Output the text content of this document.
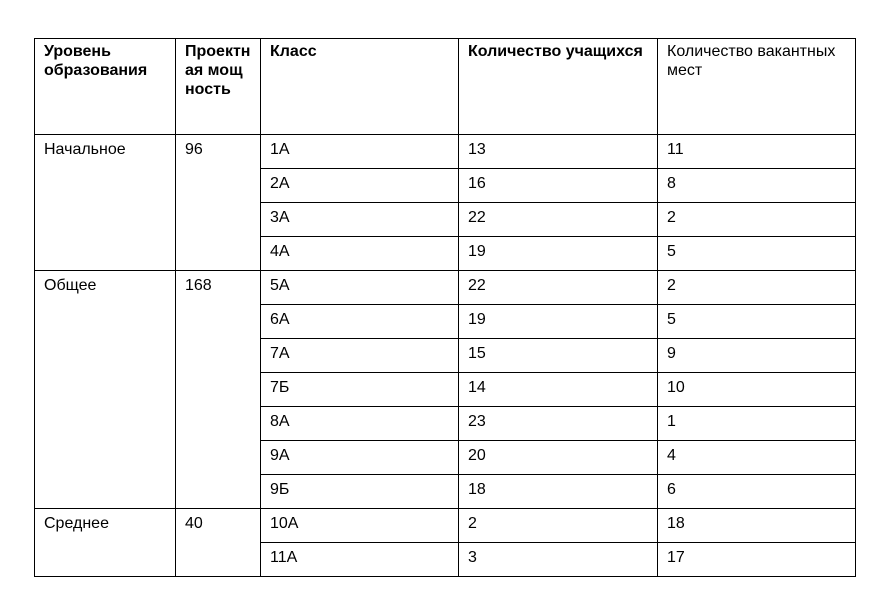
Уровень образования	Проектная мощность	Класс	Количество учащихся	Количество вакантных мест
Начальное	96	1А	13	11
		2А	16	8
		3А	22	2
		4А	19	5
Общее	168	5А	22	2
		6А	19	5
		7А	15	9
		7Б	14	10
		8А	23	1
		9А	20	4
		9Б	18	6
Среднее	40	10А	2	18
		11А	3	17
